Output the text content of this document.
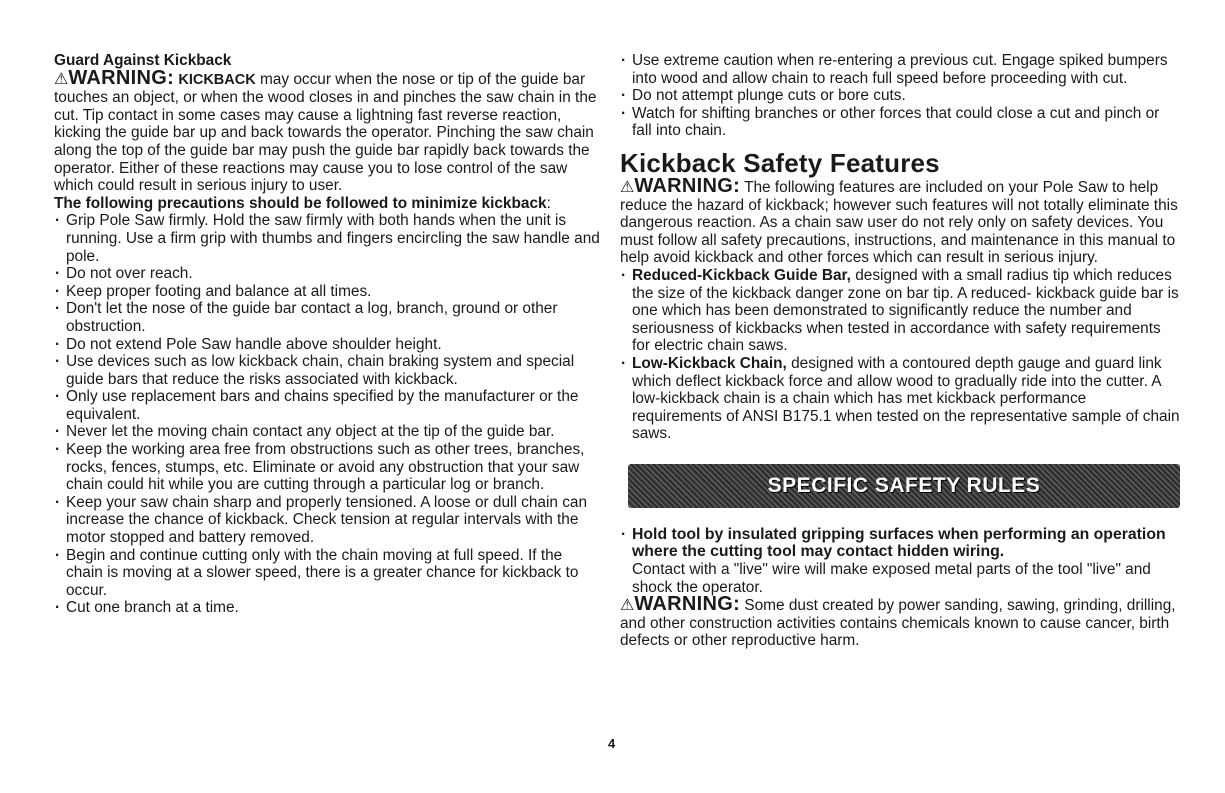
Guard Against Kickback

⚠WARNING: KICKBACK may occur when the nose or tip of the guide bar touches an object, or when the wood closes in and pinches the saw chain in the cut. Tip contact in some cases may cause a lightning fast reverse reaction, kicking the guide bar up and back towards the operator. Pinching the saw chain along the top of the guide bar may push the guide bar rapidly back towards the operator. Either of these reactions may cause you to lose control of the saw which could result in serious injury to user.

The following precautions should be followed to minimize kickback:

· Grip Pole Saw firmly. Hold the saw firmly with both hands when the unit is running. Use a firm grip with thumbs and fingers encircling the saw handle and pole.
· Do not over reach.
· Keep proper footing and balance at all times.
· Don't let the nose of the guide bar contact a log, branch, ground or other obstruction.
· Do not extend Pole Saw handle above shoulder height.
· Use devices such as low kickback chain, chain braking system and special guide bars that reduce the risks associated with kickback.
· Only use replacement bars and chains specified by the manufacturer or the equivalent.
· Never let the moving chain contact any object at the tip of the guide bar.
· Keep the working area free from obstructions such as other trees, branches, rocks, fences, stumps, etc. Eliminate or avoid any obstruction that your saw chain could hit while you are cutting through a particular log or branch.
· Keep your saw chain sharp and properly tensioned. A loose or dull chain can increase the chance of kickback. Check tension at regular intervals with the motor stopped and battery removed.
· Begin and continue cutting only with the chain moving at full speed. If the chain is moving at a slower speed, there is a greater chance for kickback to occur.
· Cut one branch at a time.
· Use extreme caution when re-entering a previous cut. Engage spiked bumpers into wood and allow chain to reach full speed before proceeding with cut.
· Do not attempt plunge cuts or bore cuts.
· Watch for shifting branches or other forces that could close a cut and pinch or fall into chain.

Kickback Safety Features

⚠WARNING: The following features are included on your Pole Saw to help reduce the hazard of kickback; however such features will not totally eliminate this dangerous reaction. As a chain saw user do not rely only on safety devices. You must follow all safety precautions, instructions, and maintenance in this manual to help avoid kickback and other forces which can result in serious injury.

· Reduced-Kickback Guide Bar, designed with a small radius tip which reduces the size of the kickback danger zone on bar tip. A reduced- kickback guide bar is one which has been demonstrated to significantly reduce the number and seriousness of kickbacks when tested in accordance with safety requirements for electric chain saws.
· Low-Kickback Chain, designed with a contoured depth gauge and guard link which deflect kickback force and allow wood to gradually ride into the cutter. A low-kickback chain is a chain which has met kickback performance requirements of ANSI B175.1 when tested on the representative sample of chain saws.
SPECIFIC SAFETY RULES
· Hold tool by insulated gripping surfaces when performing an operation where the cutting tool may contact hidden wiring.
Contact with a "live" wire will make exposed metal parts of the tool "live" and shock the operator.

⚠WARNING: Some dust created by power sanding, sawing, grinding, drilling, and other construction activities contains chemicals known to cause cancer, birth defects or other reproductive harm.

4
